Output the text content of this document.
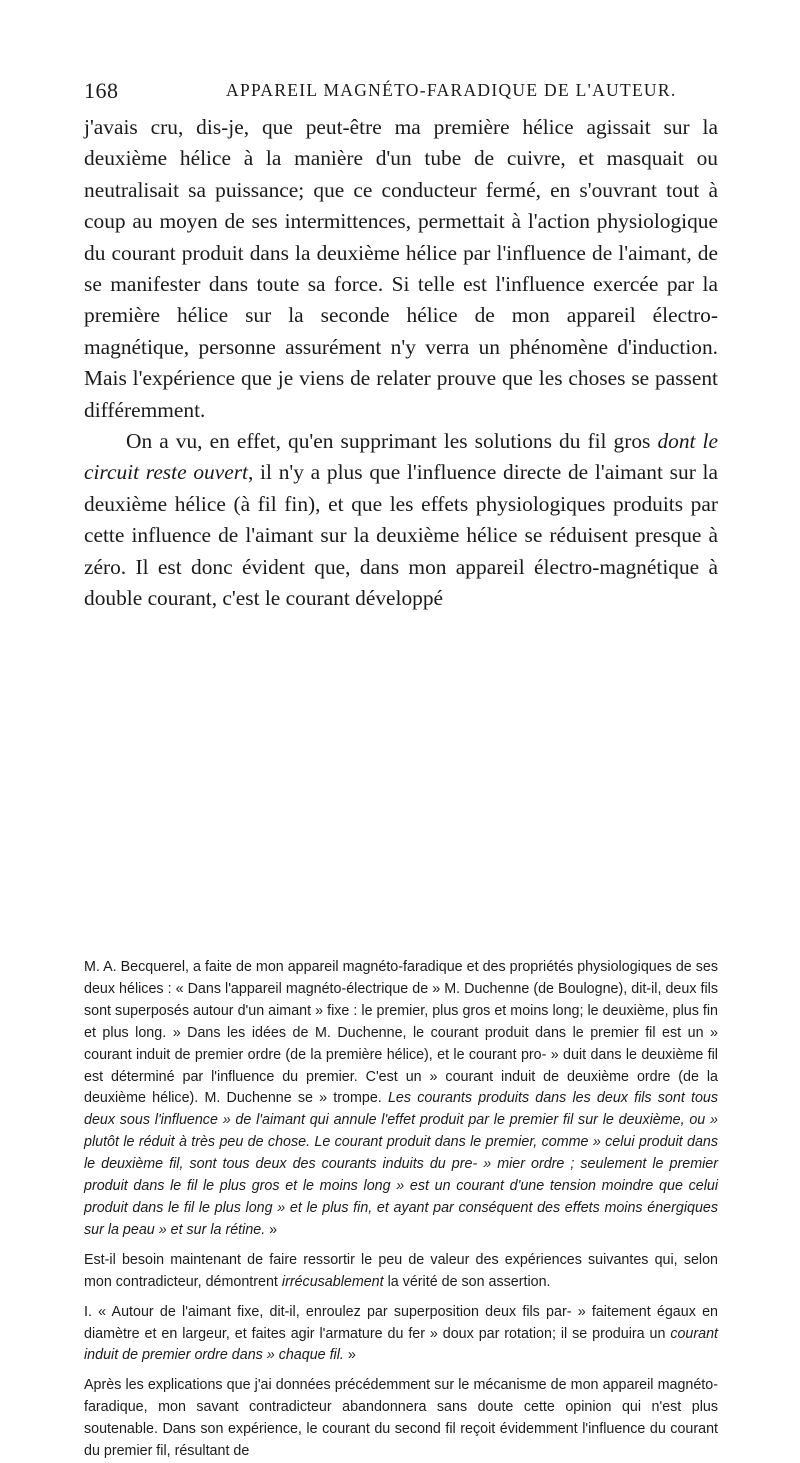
168	APPAREIL MAGNÉTO-FARADIQUE DE L'AUTEUR.

j'avais cru, dis-je, que peut-être ma première hélice agissait sur la deuxième hélice à la manière d'un tube de cuivre, et masquait ou neutralisait sa puissance; que ce conducteur fermé, en s'ouvrant tout à coup au moyen de ses intermittences, permettait à l'action physiologique du courant produit dans la deuxième hélice par l'influence de l'aimant, de se manifester dans toute sa force. Si telle est l'influence exercée par la première hélice sur la seconde hélice de mon appareil électro-magnétique, personne assurément n'y verra un phénomène d'induction. Mais l'expérience que je viens de relater prouve que les choses se passent différemment.

On a vu, en effet, qu'en supprimant les solutions du fil gros dont le circuit reste ouvert, il n'y a plus que l'influence directe de l'aimant sur la deuxième hélice (à fil fin), et que les effets physiologiques produits par cette influence de l'aimant sur la deuxième hélice se réduisent presque à zéro. Il est donc évident que, dans mon appareil électro-magnétique à double courant, c'est le courant développé

M. A. Becquerel, a faite de mon appareil magnéto-faradique et des propriétés physiologiques de ses deux hélices : « Dans l'appareil magnéto-électrique de » M. Duchenne (de Boulogne), dit-il, deux fils sont superposés autour d'un aimant » fixe : le premier, plus gros et moins long; le deuxième, plus fin et plus long. » Dans les idées de M. Duchenne, le courant produit dans le premier fil est un » courant induit de premier ordre (de la première hélice), et le courant pro- » duit dans le deuxième fil est déterminé par l'influence du premier. C'est un » courant induit de deuxième ordre (de la deuxième hélice). M. Duchenne se » trompe. Les courants produits dans les deux fils sont tous deux sous l'influence » de l'aimant qui annule l'effet produit par le premier fil sur le deuxième, ou » plutôt le réduit à très peu de chose. Le courant produit dans le premier, comme » celui produit dans le deuxième fil, sont tous deux des courants induits du pre- » mier ordre ; seulement le premier produit dans le fil le plus gros et le moins long » est un courant d'une tension moindre que celui produit dans le fil le plus long » et le plus fin, et ayant par conséquent des effets moins énergiques sur la peau » et sur la rétine. »

Est-il besoin maintenant de faire ressortir le peu de valeur des expériences suivantes qui, selon mon contradicteur, démontrent irrécusablement la vérité de son assertion.

I. « Autour de l'aimant fixe, dit-il, enroulez par superposition deux fils par- » faitement égaux en diamètre et en largeur, et faites agir l'armature du fer » doux par rotation; il se produira un courant induit de premier ordre dans » chaque fil. »

Après les explications que j'ai données précédemment sur le mécanisme de mon appareil magnéto-faradique, mon savant contradicteur abandonnera sans doute cette opinion qui n'est plus soutenable. Dans son expérience, le courant du second fil reçoit évidemment l'influence du courant du premier fil, résultant de
